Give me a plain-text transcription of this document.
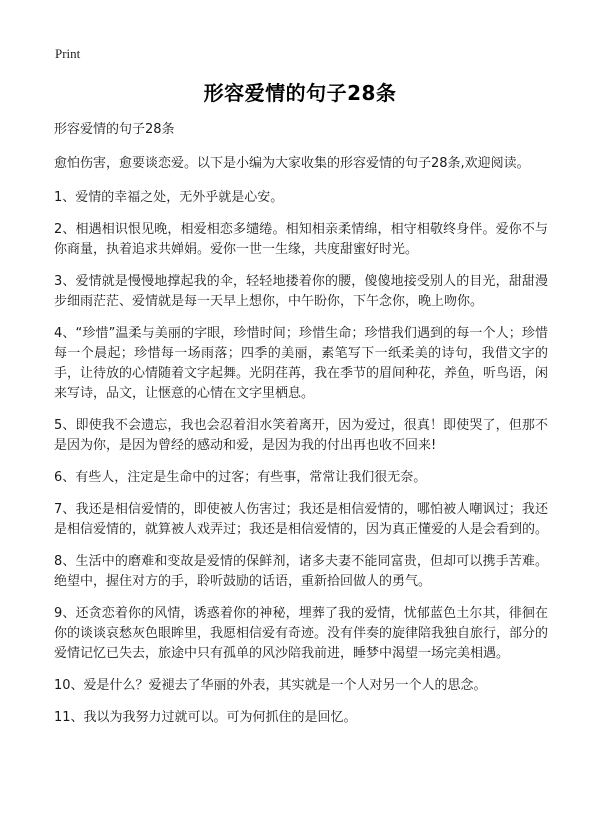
Print
形容爱情的句子28条

形容爱情的句子28条

愈怕伤害，愈要谈恋爱。以下是小编为大家收集的形容爱情的句子28条,欢迎阅读。

1、爱情的幸福之处，无外乎就是心安。

2、相遇相识恨见晚，相爱相恋多缱绻。相知相亲柔情绵，相守相敬终身伴。爱你不与你商量，执着追求共婵娟。爱你一世一生缘，共度甜蜜好时光。

3、爱情就是慢慢地撑起我的伞，轻轻地搂着你的腰，傻傻地接受别人的目光，甜甜漫步细雨茫茫、爱情就是每一天早上想你，中午盼你，下午念你，晚上吻你。

4、“珍惜”温柔与美丽的字眼，珍惜时间；珍惜生命；珍惜我们遇到的每一个人；珍惜每一个晨起；珍惜每一场雨落；四季的美丽，素笔写下一纸柔美的诗句，我借文字的手，让待放的心情随着文字起舞。光阴荏苒，我在季节的眉间种花，养鱼，听鸟语，闲来写诗，品文，让惬意的心情在文字里栖息。

5、即使我不会遗忘，我也会忍着泪水笑着离开，因为爱过，很真！即使哭了，但那不是因为你，是因为曾经的感动和爱，是因为我的付出再也收不回来!

6、有些人，注定是生命中的过客；有些事，常常让我们很无奈。

7、我还是相信爱情的，即使被人伤害过；我还是相信爱情的，哪怕被人嘲讽过；我还是相信爱情的，就算被人戏弄过；我还是相信爱情的，因为真正懂爱的人是会看到的。

8、生活中的磨难和变故是爱情的保鲜剂，诸多夫妻不能同富贵，但却可以携手苦难。绝望中，握住对方的手，聆听鼓励的话语，重新拾回做人的勇气。

9、还贪恋着你的风情，诱惑着你的神秘，埋葬了我的爱情，忧郁蓝色土尔其，徘徊在你的谈谈哀愁灰色眼眸里，我愿相信爱有奇迹。没有伴奏的旋律陪我独自旅行，部分的爱情记忆已失去，旅途中只有孤单的风沙陪我前进，睡梦中渴望一场完美相遇。

10、爱是什么？爱褪去了华丽的外表，其实就是一个人对另一个人的思念。

11、我以为我努力过就可以。可为何抓住的是回忆。
